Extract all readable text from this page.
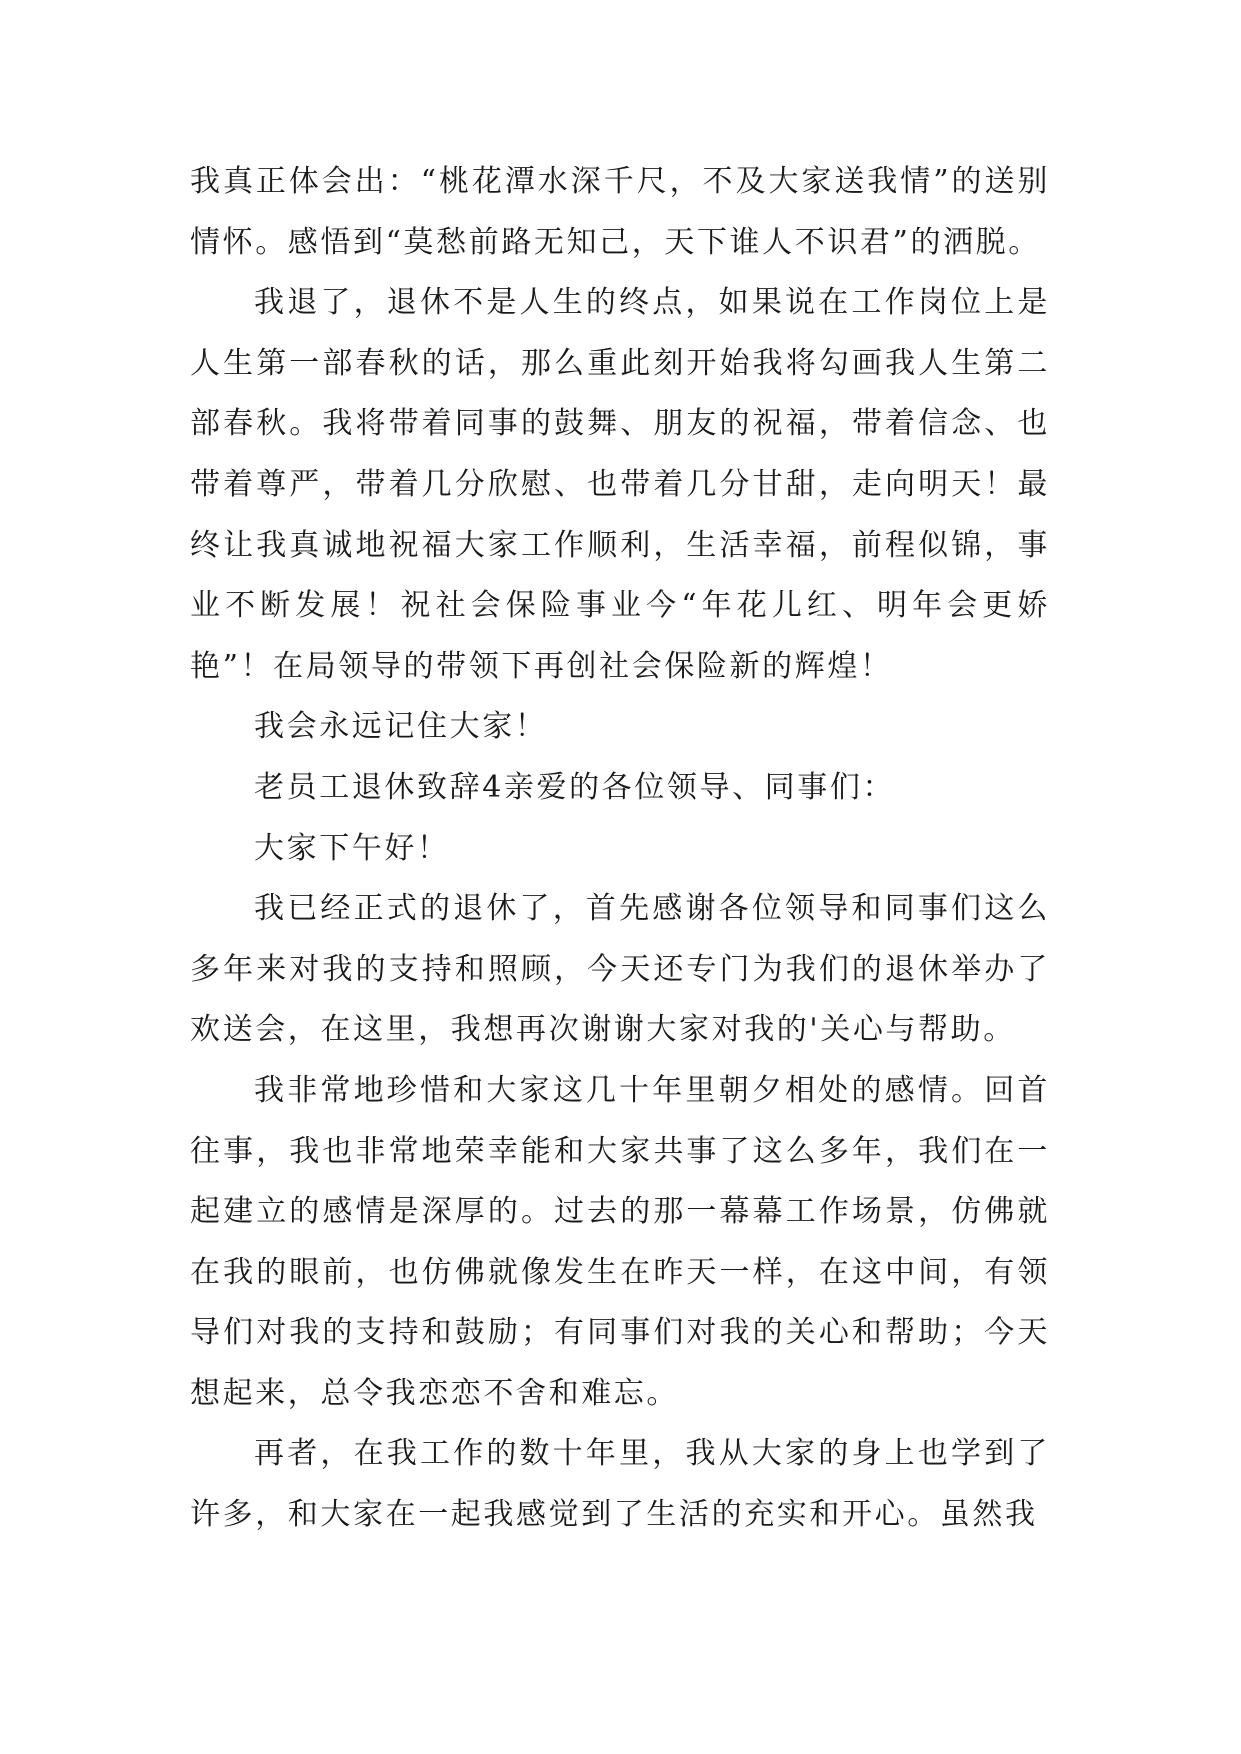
我真正体会出：“桃花潭水深千尺，不及大家送我情”的送别情怀。感悟到“莫愁前路无知己，天下谁人不识君”的洒脱。

我退了，退休不是人生的终点，如果说在工作岗位上是人生第一部春秋的话，那么重此刻开始我将勾画我人生第二部春秋。我将带着同事的鼓舞、朋友的祝福，带着信念、也带着尊严，带着几分欣慰、也带着几分甘甜，走向明天！最终让我真诚地祝福大家工作顺利，生活幸福，前程似锦，事业不断发展！祝社会保险事业今“年花儿红、明年会更娇艳”！在局领导的带领下再创社会保险新的辉煌！

我会永远记住大家！

老员工退休致辞4亲爱的各位领导、同事们：

大家下午好！

我已经正式的退休了，首先感谢各位领导和同事们这么多年来对我的支持和照顾，今天还专门为我们的退休举办了欢送会，在这里，我想再次谢谢大家对我的'关心与帮助。

我非常地珍惜和大家这几十年里朝夕相处的感情。回首往事，我也非常地荣幸能和大家共事了这么多年，我们在一起建立的感情是深厚的。过去的那一幕幕工作场景，仿佛就在我的眼前，也仿佛就像发生在昨天一样，在这中间，有领导们对我的支持和鼓励；有同事们对我的关心和帮助；今天想起来，总令我恋恋不舍和难忘。

再者，在我工作的数十年里，我从大家的身上也学到了许多，和大家在一起我感觉到了生活的充实和开心。虽然我
